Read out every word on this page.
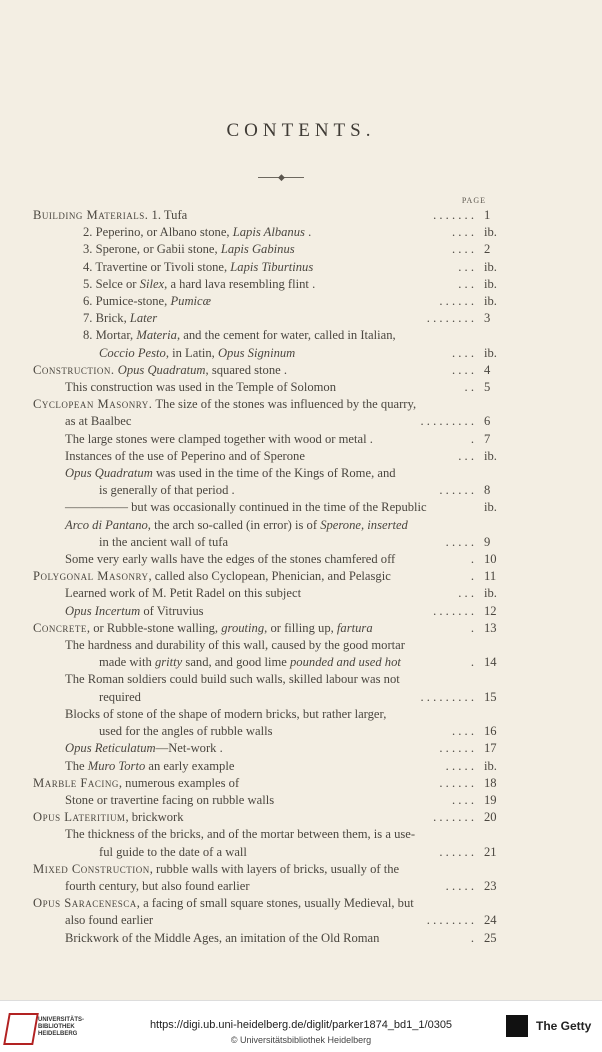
CONTENTS.
◆
PAGE
Building Materials. 1. Tufa	. . . . . . . 1
2. Peperino, or Albano stone, Lapis Albanus .	. . . . ib.
3. Sperone, or Gabii stone, Lapis Gabinus	. . . . 2
4. Travertine or Tivoli stone, Lapis Tiburtinus	. . . ib.
5. Selce or Silex, a hard lava resembling flint .	. . . ib.
6. Pumice-stone, Pumicæ	. . . . . . ib.
7. Brick, Later	. . . . . . . . 3
8. Mortar, Materia, and the cement for water, called in Italian,
Coccio Pesto, in Latin, Opus Signinum	. . . . ib.
Construction. Opus Quadratum, squared stone .	. . . . 4
This construction was used in the Temple of Solomon	. . 5
Cyclopean Masonry. The size of the stones was influenced by the quarry,
as at Baalbec	. . . . . . . . . 6
The large stones were clamped together with wood or metal .	. 7
Instances of the use of Peperino and of Sperone	. . . ib.
Opus Quadratum was used in the time of the Kings of Rome, and
is generally of that period .	. . . . . . 8
————— but was occasionally continued in the time of the Republic	ib.
Arco di Pantano, the arch so-called (in error) is of Sperone, inserted
in the ancient wall of tufa	. . . . . 9
Some very early walls have the edges of the stones chamfered off	. 10
Polygonal Masonry, called also Cyclopean, Phenician, and Pelasgic	. 11
Learned work of M. Petit Radel on this subject	. . . ib.
Opus Incertum of Vitruvius	. . . . . . . 12
Concrete, or Rubble-stone walling, grouting, or filling up, fartura	. 13
The hardness and durability of this wall, caused by the good mortar
made with gritty sand, and good lime pounded and used hot	. 14
The Roman soldiers could build such walls, skilled labour was not
required	. . . . . . . . . 15
Blocks of stone of the shape of modern bricks, but rather larger,
used for the angles of rubble walls	. . . . 16
Opus Reticulatum—Net-work .	. . . . . . 17
The Muro Torto an early example	. . . . . ib.
Marble Facing, numerous examples of	. . . . . . 18
Stone or travertine facing on rubble walls	. . . . 19
Opus Lateritium, brickwork	. . . . . . . 20
The thickness of the bricks, and of the mortar between them, is a use-
ful guide to the date of a wall	. . . . . . 21
Mixed Construction, rubble walls with layers of bricks, usually of the
fourth century, but also found earlier	. . . . . 23
Opus Saracenesca, a facing of small square stones, usually Medieval, but
also found earlier	. . . . . . . . 24
Brickwork of the Middle Ages, an imitation of the Old Roman	. 25
UNIVERSITÄTS-
BIBLIOTHEK
HEIDELBERG
https://digi.ub.uni-heidelberg.de/diglit/parker1874_bd1_1/0305
© Universitätsbibliothek Heidelberg
The Getty
